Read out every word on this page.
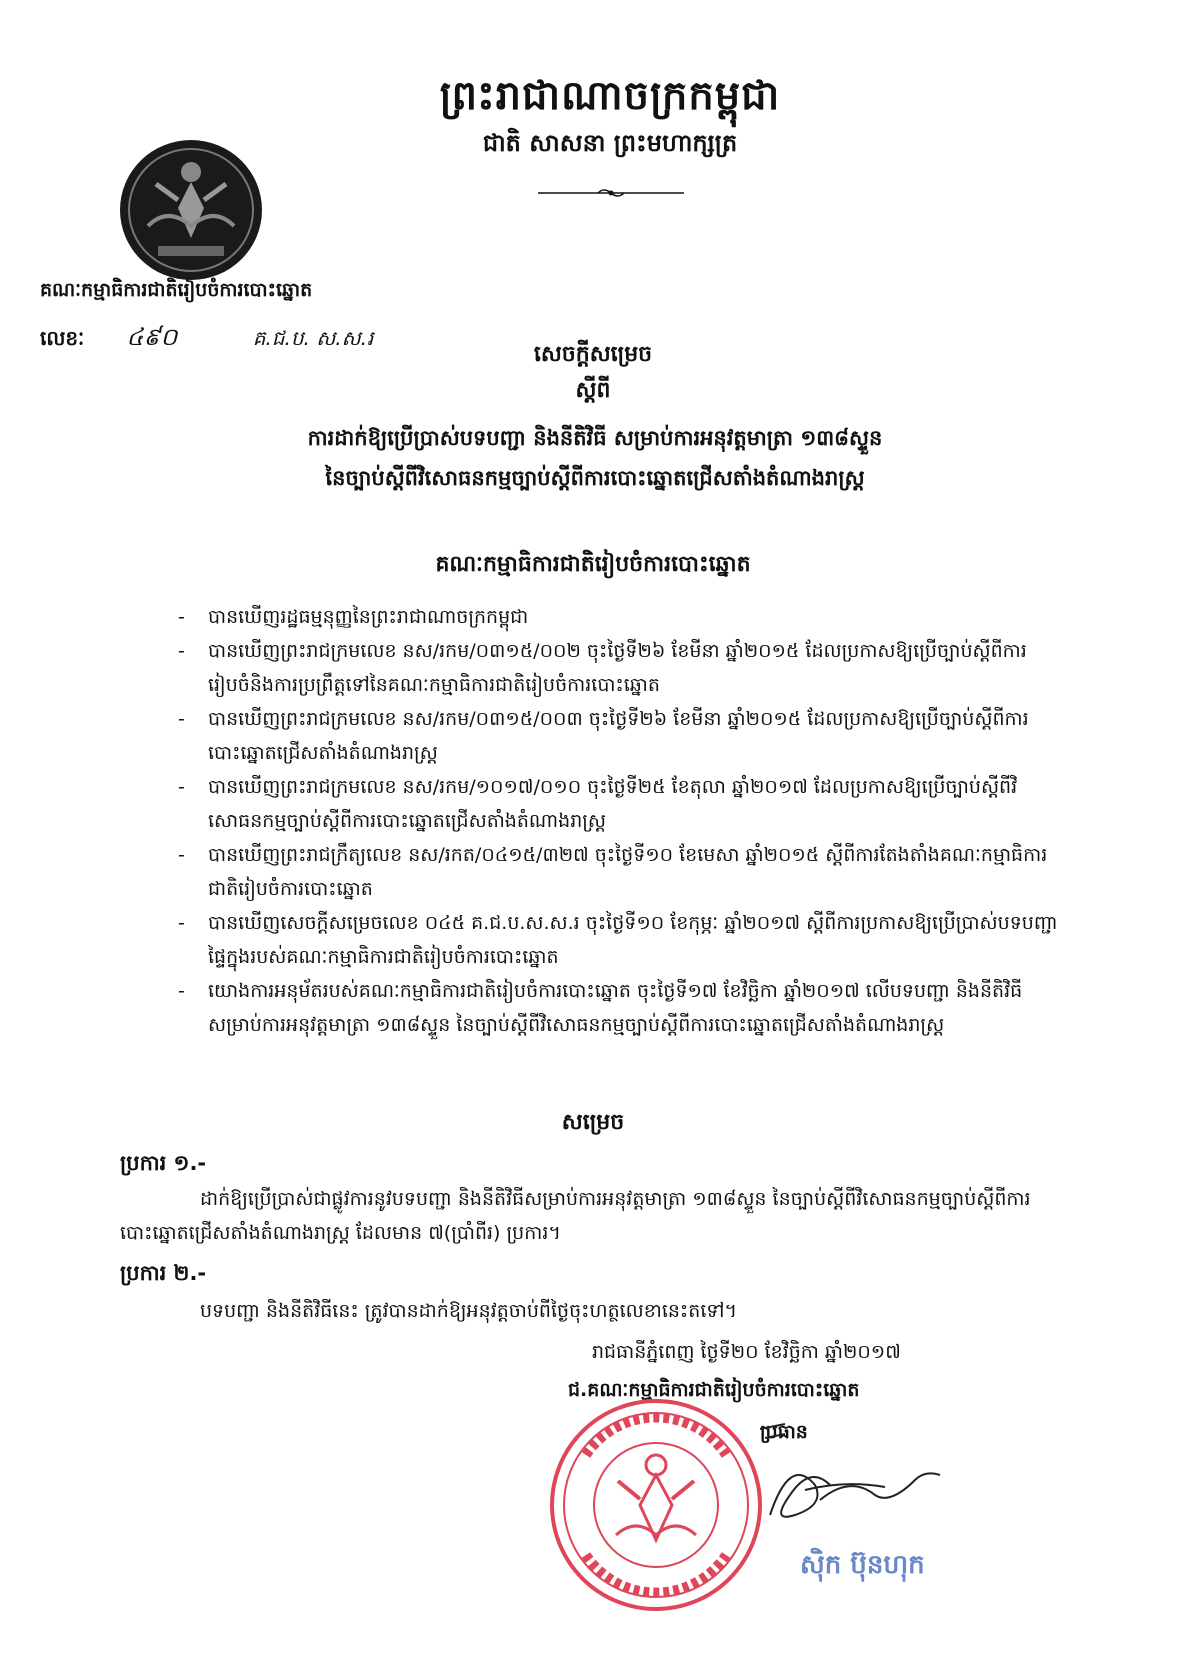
ព្រះរាជាណាចក្រកម្ពុជា
ជាតិ សាសនា ព្រះមហាក្សត្រ
គណៈកម្មាធិការជាតិរៀបចំការបោះឆ្នោត
លេខៈ ៤៩០	គ.ជ.ប. ស.ស.រ
សេចក្ដីសម្រេច
ស្ដីពី
ការដាក់ឱ្យប្រើប្រាស់បទបញ្ជា និងនីតិវិធី សម្រាប់ការអនុវត្តមាត្រា ១៣៨ស្ទួន
នៃច្បាប់ស្ដីពីវិសោធនកម្មច្បាប់ស្ដីពីការបោះឆ្នោតជ្រើសតាំងតំណាងរាស្ត្រ
គណៈកម្មាធិការជាតិរៀបចំការបោះឆ្នោត
- បានឃើញរដ្ឋធម្មនុញ្ញនៃព្រះរាជាណាចក្រកម្ពុជា
- បានឃើញព្រះរាជក្រមលេខ នស/រកម/០៣១៥/០០២ ចុះថ្ងៃទី២៦ ខែមីនា ឆ្នាំ២០១៥ ដែលប្រកាសឱ្យប្រើច្បាប់ស្ដីពីការរៀបចំនិងការប្រព្រឹត្តទៅនៃគណៈកម្មាធិការជាតិរៀបចំការបោះឆ្នោត
- បានឃើញព្រះរាជក្រមលេខ នស/រកម/០៣១៥/០០៣ ចុះថ្ងៃទី២៦ ខែមីនា ឆ្នាំ២០១៥ ដែលប្រកាសឱ្យប្រើច្បាប់ស្ដីពីការបោះឆ្នោតជ្រើសតាំងតំណាងរាស្ត្រ
- បានឃើញព្រះរាជក្រមលេខ នស/រកម/១០១៧/០១០ ចុះថ្ងៃទី២៥ ខែតុលា ឆ្នាំ២០១៧ ដែលប្រកាសឱ្យប្រើច្បាប់ស្ដីពីវិសោធនកម្មច្បាប់ស្ដីពីការបោះឆ្នោតជ្រើសតាំងតំណាងរាស្ត្រ
- បានឃើញព្រះរាជក្រឹត្យលេខ នស/រកត/០៤១៥/៣២៧ ចុះថ្ងៃទី១០ ខែមេសា ឆ្នាំ២០១៥ ស្ដីពីការតែងតាំងគណៈកម្មាធិការជាតិរៀបចំការបោះឆ្នោត
- បានឃើញសេចក្ដីសម្រេចលេខ ០៤៥ គ.ជ.ប.ស.ស.រ ចុះថ្ងៃទី១០ ខែកុម្ភៈ ឆ្នាំ២០១៧ ស្ដីពីការប្រកាសឱ្យប្រើប្រាស់បទបញ្ជាផ្ទៃក្នុងរបស់គណៈកម្មាធិការជាតិរៀបចំការបោះឆ្នោត
- យោងការអនុម័តរបស់គណៈកម្មាធិការជាតិរៀបចំការបោះឆ្នោត ចុះថ្ងៃទី១៧ ខែវិច្ឆិកា ឆ្នាំ២០១៧ លើបទបញ្ជា និងនីតិវិធីសម្រាប់ការអនុវត្តមាត្រា ១៣៨ស្ទួន នៃច្បាប់ស្ដីពីវិសោធនកម្មច្បាប់ស្ដីពីការបោះឆ្នោតជ្រើសតាំងតំណាងរាស្ត្រ
សម្រេច
ប្រការ ១.-
ដាក់ឱ្យប្រើប្រាស់ជាផ្លូវការនូវបទបញ្ជា និងនីតិវិធីសម្រាប់ការអនុវត្តមាត្រា ១៣៨ស្ទួន នៃច្បាប់ស្ដីពីវិសោធនកម្មច្បាប់ស្ដីពីការបោះឆ្នោតជ្រើសតាំងតំណាងរាស្ត្រ ដែលមាន ៧(ប្រាំពីរ) ប្រការ។
ប្រការ ២.-
បទបញ្ជា និងនីតិវិធីនេះ ត្រូវបានដាក់ឱ្យអនុវត្តចាប់ពីថ្ងៃចុះហត្ថលេខានេះតទៅ។
រាជធានីភ្នំពេញ ថ្ងៃទី២០ ខែវិច្ឆិកា ឆ្នាំ២០១៧
ជ.គណៈកម្មាធិការជាតិរៀបចំការបោះឆ្នោត
ប្រធាន
ស៊ិក ប៊ុនហុក
